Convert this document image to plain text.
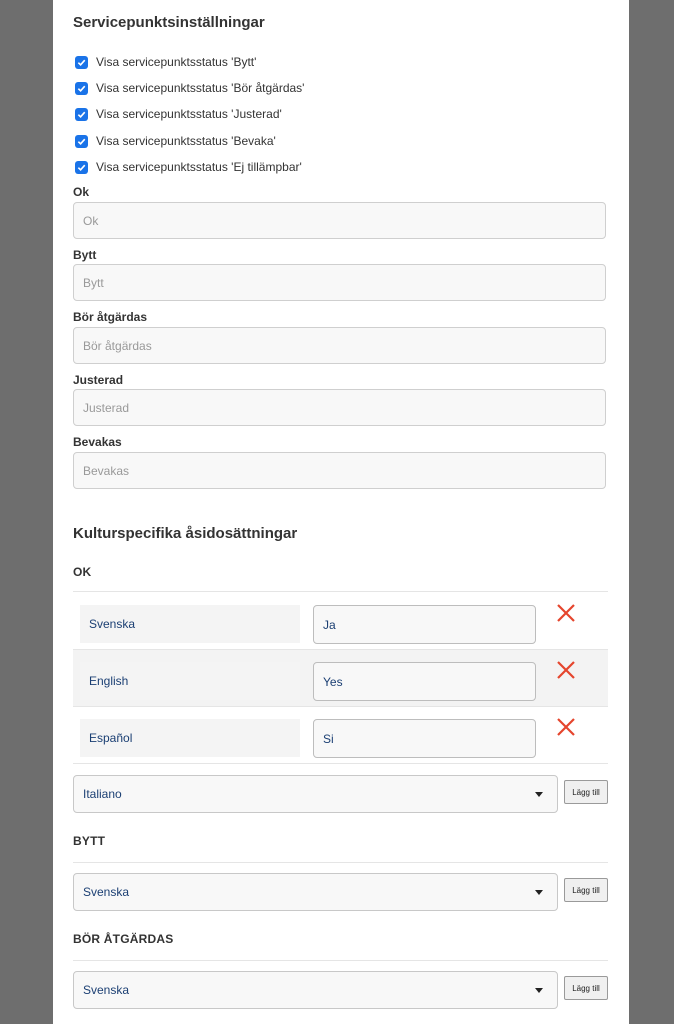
Servicepunktsinställningar
Visa servicepunktsstatus 'Bytt'
Visa servicepunktsstatus 'Bör åtgärdas'
Visa servicepunktsstatus 'Justerad'
Visa servicepunktsstatus 'Bevaka'
Visa servicepunktsstatus 'Ej tillämpbar'
Ok
Ok
Bytt
Bytt
Bör åtgärdas
Bör åtgärdas
Justerad
Justerad
Bevakas
Bevakas
Kulturspecifika åsidosättningar
OK
Svenska	Ja
English	Yes
Español	Si
Italiano	Lägg till
BYTT
Svenska	Lägg till
BÖR ÅTGÄRDAS
Svenska	Lägg till
